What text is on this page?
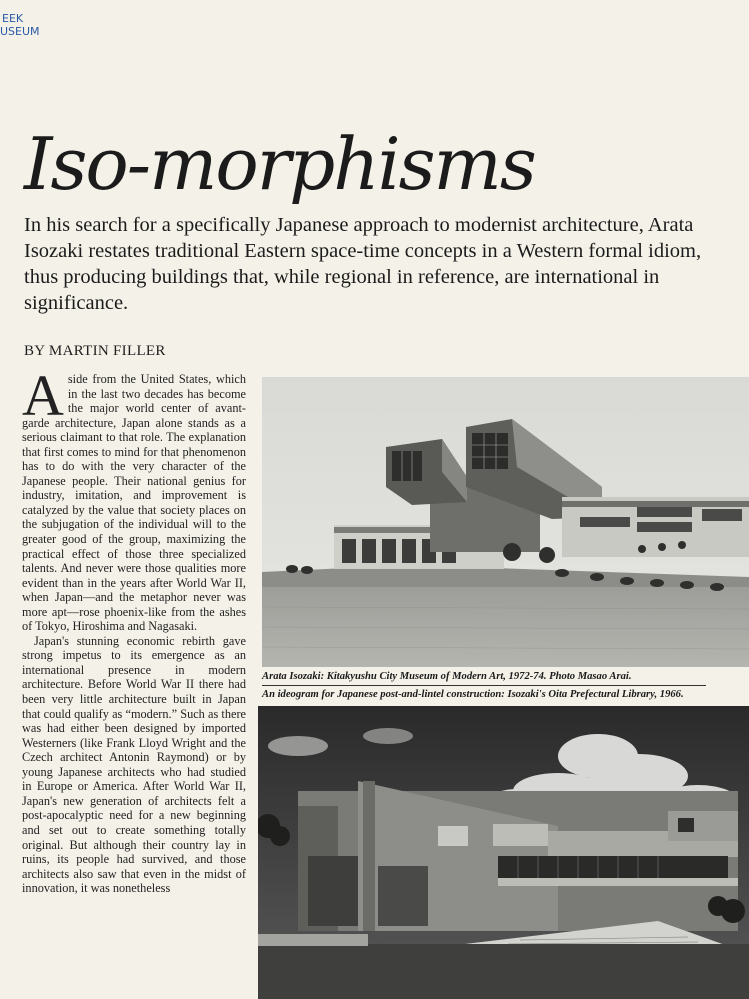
EEK
USEUM
Iso-morphisms

In his search for a specifically Japanese approach to modernist architecture, Arata Isozaki restates traditional Eastern space-time concepts in a Western formal idiom, thus producing buildings that, while regional in reference, are international in significance.

BY MARTIN FILLER

Aside from the United States, which in the last two decades has become the major world center of avant-garde architecture, Japan alone stands as a serious claimant to that role. The explanation that first comes to mind for that phenomenon has to do with the very character of the Japanese people. Their national genius for industry, imitation, and improvement is catalyzed by the value that society places on the subjugation of the individual will to the greater good of the group, maximizing the practical effect of those three specialized talents. And never were those qualities more evident than in the years after World War II, when Japan—and the metaphor never was more apt—rose phoenix-like from the ashes of Tokyo, Hiroshima and Nagasaki.

Japan's stunning economic rebirth gave strong impetus to its emergence as an international presence in modern architecture. Before World War II there had been very little architecture built in Japan that could qualify as “modern.” Such as there was had either been designed by imported Westerners (like Frank Lloyd Wright and the Czech architect Antonin Raymond) or by young Japanese architects who had studied in Europe or America. After World War II, Japan's new generation of architects felt a post-apocalyptic need for a new beginning and set out to create something totally original. But although their country lay in ruins, its people had survived, and those architects also saw that even in the midst of innovation, it was nonetheless

Arata Isozaki: Kitakyushu City Museum of Modern Art, 1972-74. Photo Masao Arai.
An ideogram for Japanese post-and-lintel construction: Isozaki's Oita Prefectural Library, 1966.
